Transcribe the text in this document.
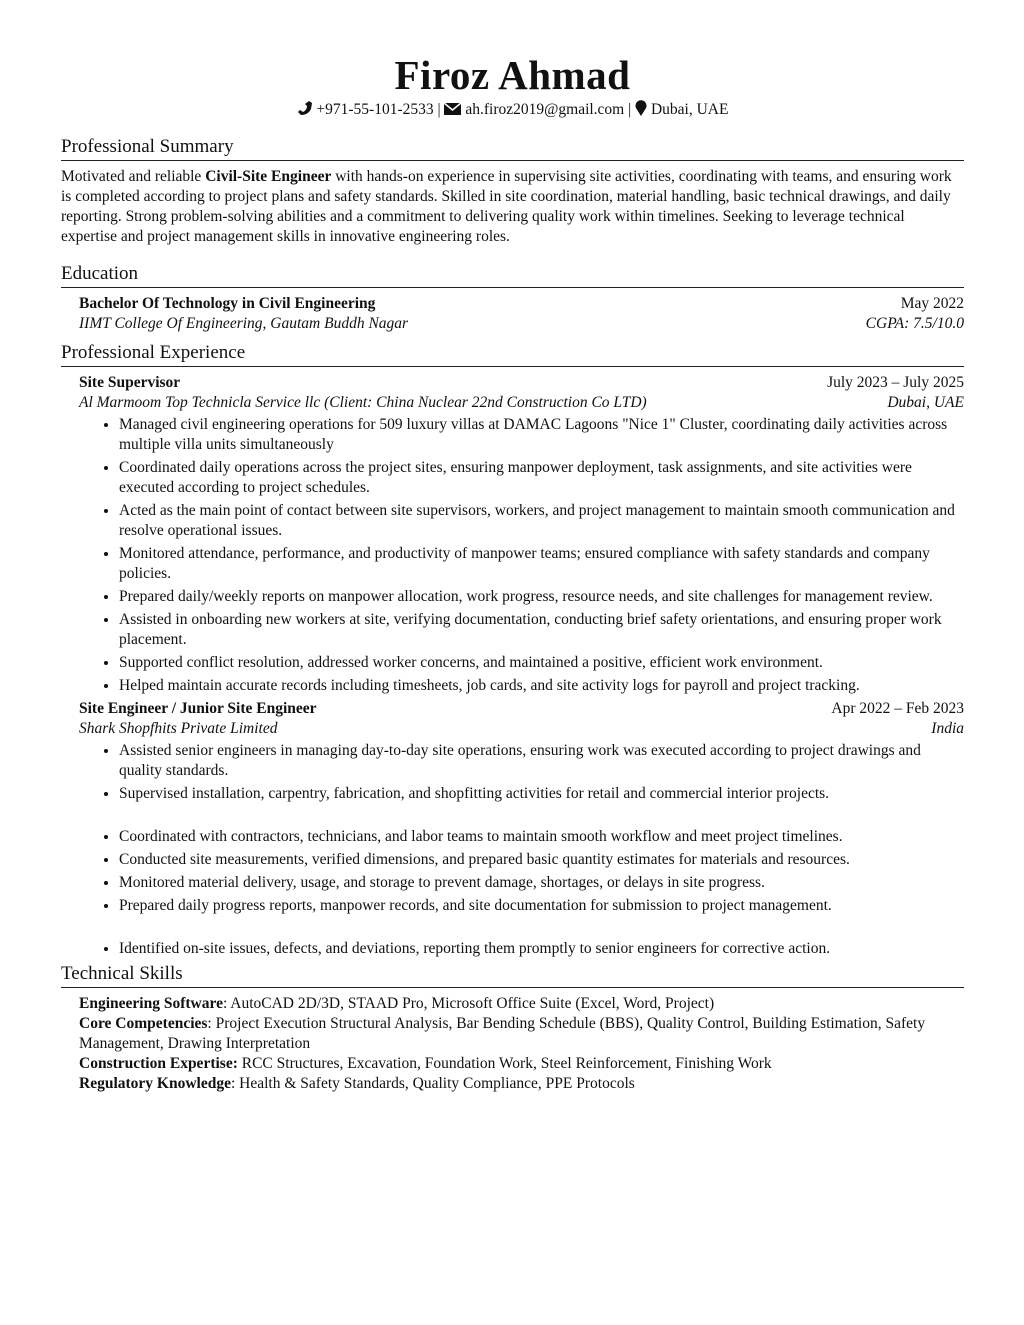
Firoz Ahmad
+971-55-101-2533 | ah.firoz2019@gmail.com | Dubai, UAE
Professional Summary
Motivated and reliable Civil-Site Engineer with hands-on experience in supervising site activities, coordinating with teams, and ensuring work is completed according to project plans and safety standards. Skilled in site coordination, material handling, basic technical drawings, and daily reporting. Strong problem-solving abilities and a commitment to delivering quality work within timelines. Seeking to leverage technical expertise and project management skills in innovative engineering roles.
Education
Bachelor Of Technology in Civil Engineering	May 2022
IIMT College Of Engineering, Gautam Buddh Nagar	CGPA: 7.5/10.0
Professional Experience
Site Supervisor	July 2023 – July 2025
Al Marmoom Top Technicla Service llc (Client: China Nuclear 22nd Construction Co LTD)	Dubai, UAE
• Managed civil engineering operations for 509 luxury villas at DAMAC Lagoons "Nice 1" Cluster, coordinating daily activities across multiple villa units simultaneously
• Coordinated daily operations across the project sites, ensuring manpower deployment, task assignments, and site activities were executed according to project schedules.
• Acted as the main point of contact between site supervisors, workers, and project management to maintain smooth communication and resolve operational issues.
• Monitored attendance, performance, and productivity of manpower teams; ensured compliance with safety standards and company policies.
• Prepared daily/weekly reports on manpower allocation, work progress, resource needs, and site challenges for management review.
• Assisted in onboarding new workers at site, verifying documentation, conducting brief safety orientations, and ensuring proper work placement.
• Supported conflict resolution, addressed worker concerns, and maintained a positive, efficient work environment.
• Helped maintain accurate records including timesheets, job cards, and site activity logs for payroll and project tracking.
Site Engineer / Junior Site Engineer	Apr 2022 – Feb 2023
Shark Shopfhits Private Limited	India
• Assisted senior engineers in managing day-to-day site operations, ensuring work was executed according to project drawings and quality standards.
• Supervised installation, carpentry, fabrication, and shopfitting activities for retail and commercial interior projects.
• Coordinated with contractors, technicians, and labor teams to maintain smooth workflow and meet project timelines.
• Conducted site measurements, verified dimensions, and prepared basic quantity estimates for materials and resources.
• Monitored material delivery, usage, and storage to prevent damage, shortages, or delays in site progress.
• Prepared daily progress reports, manpower records, and site documentation for submission to project management.
• Identified on-site issues, defects, and deviations, reporting them promptly to senior engineers for corrective action.
Technical Skills
Engineering Software: AutoCAD 2D/3D, STAAD Pro, Microsoft Office Suite (Excel, Word, Project)
Core Competencies: Project Execution Structural Analysis, Bar Bending Schedule (BBS), Quality Control, Building Estimation, Safety Management, Drawing Interpretation
Construction Expertise: RCC Structures, Excavation, Foundation Work, Steel Reinforcement, Finishing Work
Regulatory Knowledge: Health & Safety Standards, Quality Compliance, PPE Protocols
